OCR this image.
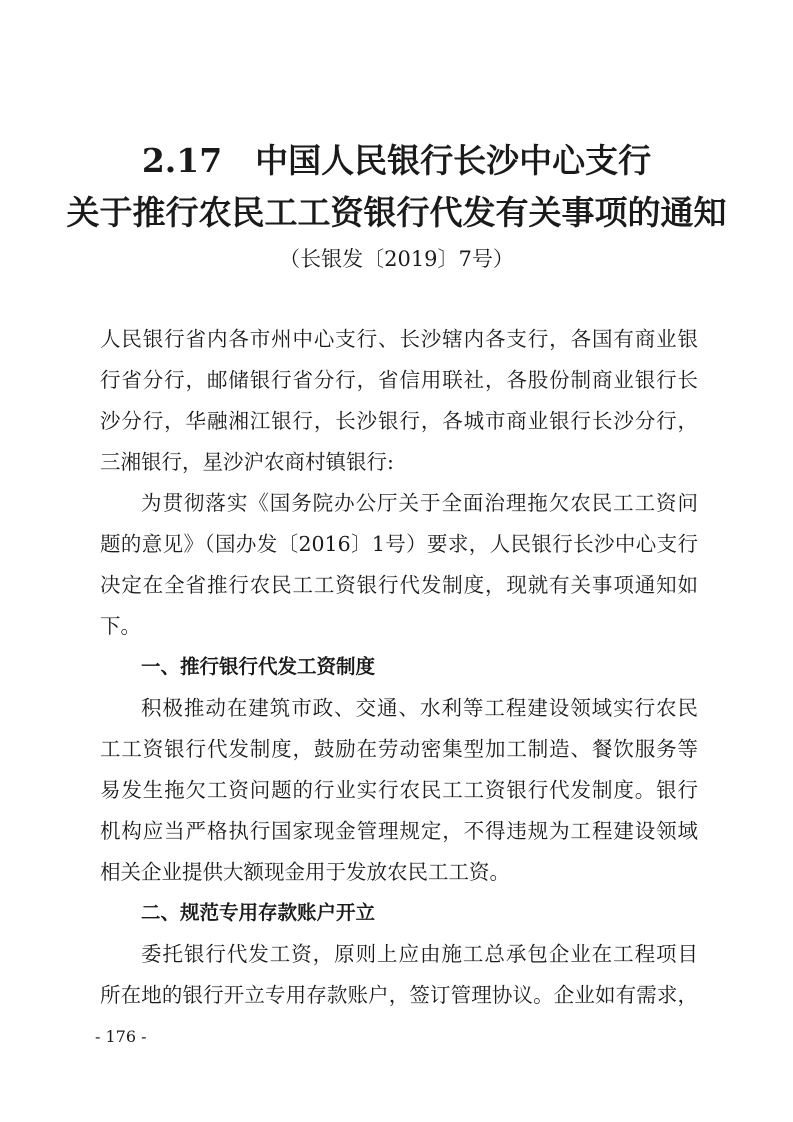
2.17　中国人民银行长沙中心支行
关于推行农民工工资银行代发有关事项的通知
（长银发〔2019〕7号）
人民银行省内各市州中心支行、长沙辖内各支行，各国有商业银
行省分行，邮储银行省分行，省信用联社，各股份制商业银行长
沙分行，华融湘江银行，长沙银行，各城市商业银行长沙分行，
三湘银行，星沙沪农商村镇银行:
为贯彻落实《国务院办公厅关于全面治理拖欠农民工工资问
题的意见》（国办发〔2016〕1号）要求，人民银行长沙中心支行
决定在全省推行农民工工资银行代发制度，现就有关事项通知如
下。
一、推行银行代发工资制度
积极推动在建筑市政、交通、水利等工程建设领域实行农民
工工资银行代发制度，鼓励在劳动密集型加工制造、餐饮服务等
易发生拖欠工资问题的行业实行农民工工资银行代发制度。银行
机构应当严格执行国家现金管理规定，不得违规为工程建设领域
相关企业提供大额现金用于发放农民工工资。
二、规范专用存款账户开立
委托银行代发工资，原则上应由施工总承包企业在工程项目
所在地的银行开立专用存款账户，签订管理协议。企业如有需求，
- 176 -
